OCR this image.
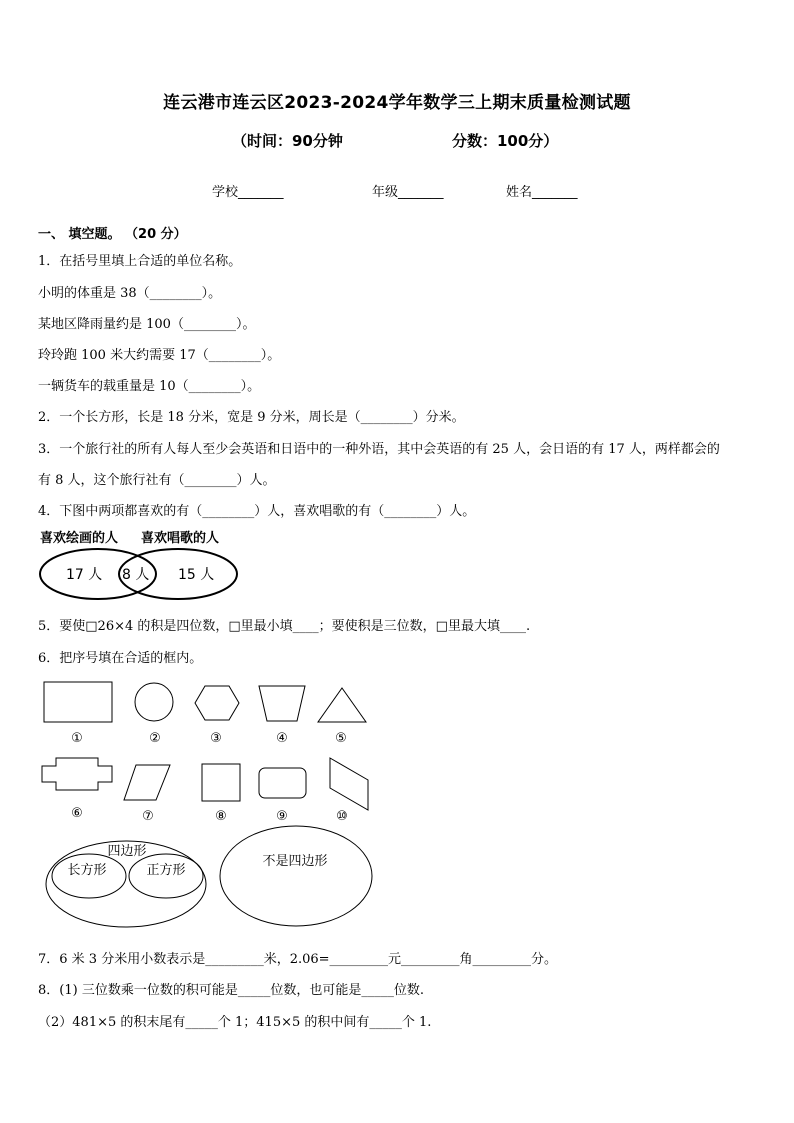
连云港市连云区2023-2024学年数学三上期末质量检测试题
（时间：90分钟	分数：100分）
学校_______	年级_______	姓名_______
一、 填空题。 （20 分）
1．在括号里填上合适的单位名称。
小明的体重是 38（________）。
某地区降雨量约是 100（________）。
玲玲跑 100 米大约需要 17（________）。
一辆货车的载重量是 10（________）。
2．一个长方形，长是 18 分米，宽是 9 分米，周长是（________）分米。
3．一个旅行社的所有人每人至少会英语和日语中的一种外语，其中会英语的有 25 人，会日语的有 17 人，两样都会的
有 8 人，这个旅行社有（________）人。
4．下图中两项都喜欢的有（________）人，喜欢唱歌的有（________）人。
喜欢绘画的人 喜欢唱歌的人
17 人 8 人 15 人
5．要使□26×4 的积是四位数，□里最小填____；要使积是三位数，□里最大填____.
6．把序号填在合适的框内。
①	②	③	④	⑤
⑥	⑦	⑧	⑨	⑩
四边形
长方形	正方形
不是四边形
7．6 米 3 分米用小数表示是_________米，2.06=_________元_________角_________分。
8．(1) 三位数乘一位数的积可能是_____位数，也可能是_____位数.
（2）481×5 的积末尾有_____个 1；415×5 的积中间有_____个 1.
